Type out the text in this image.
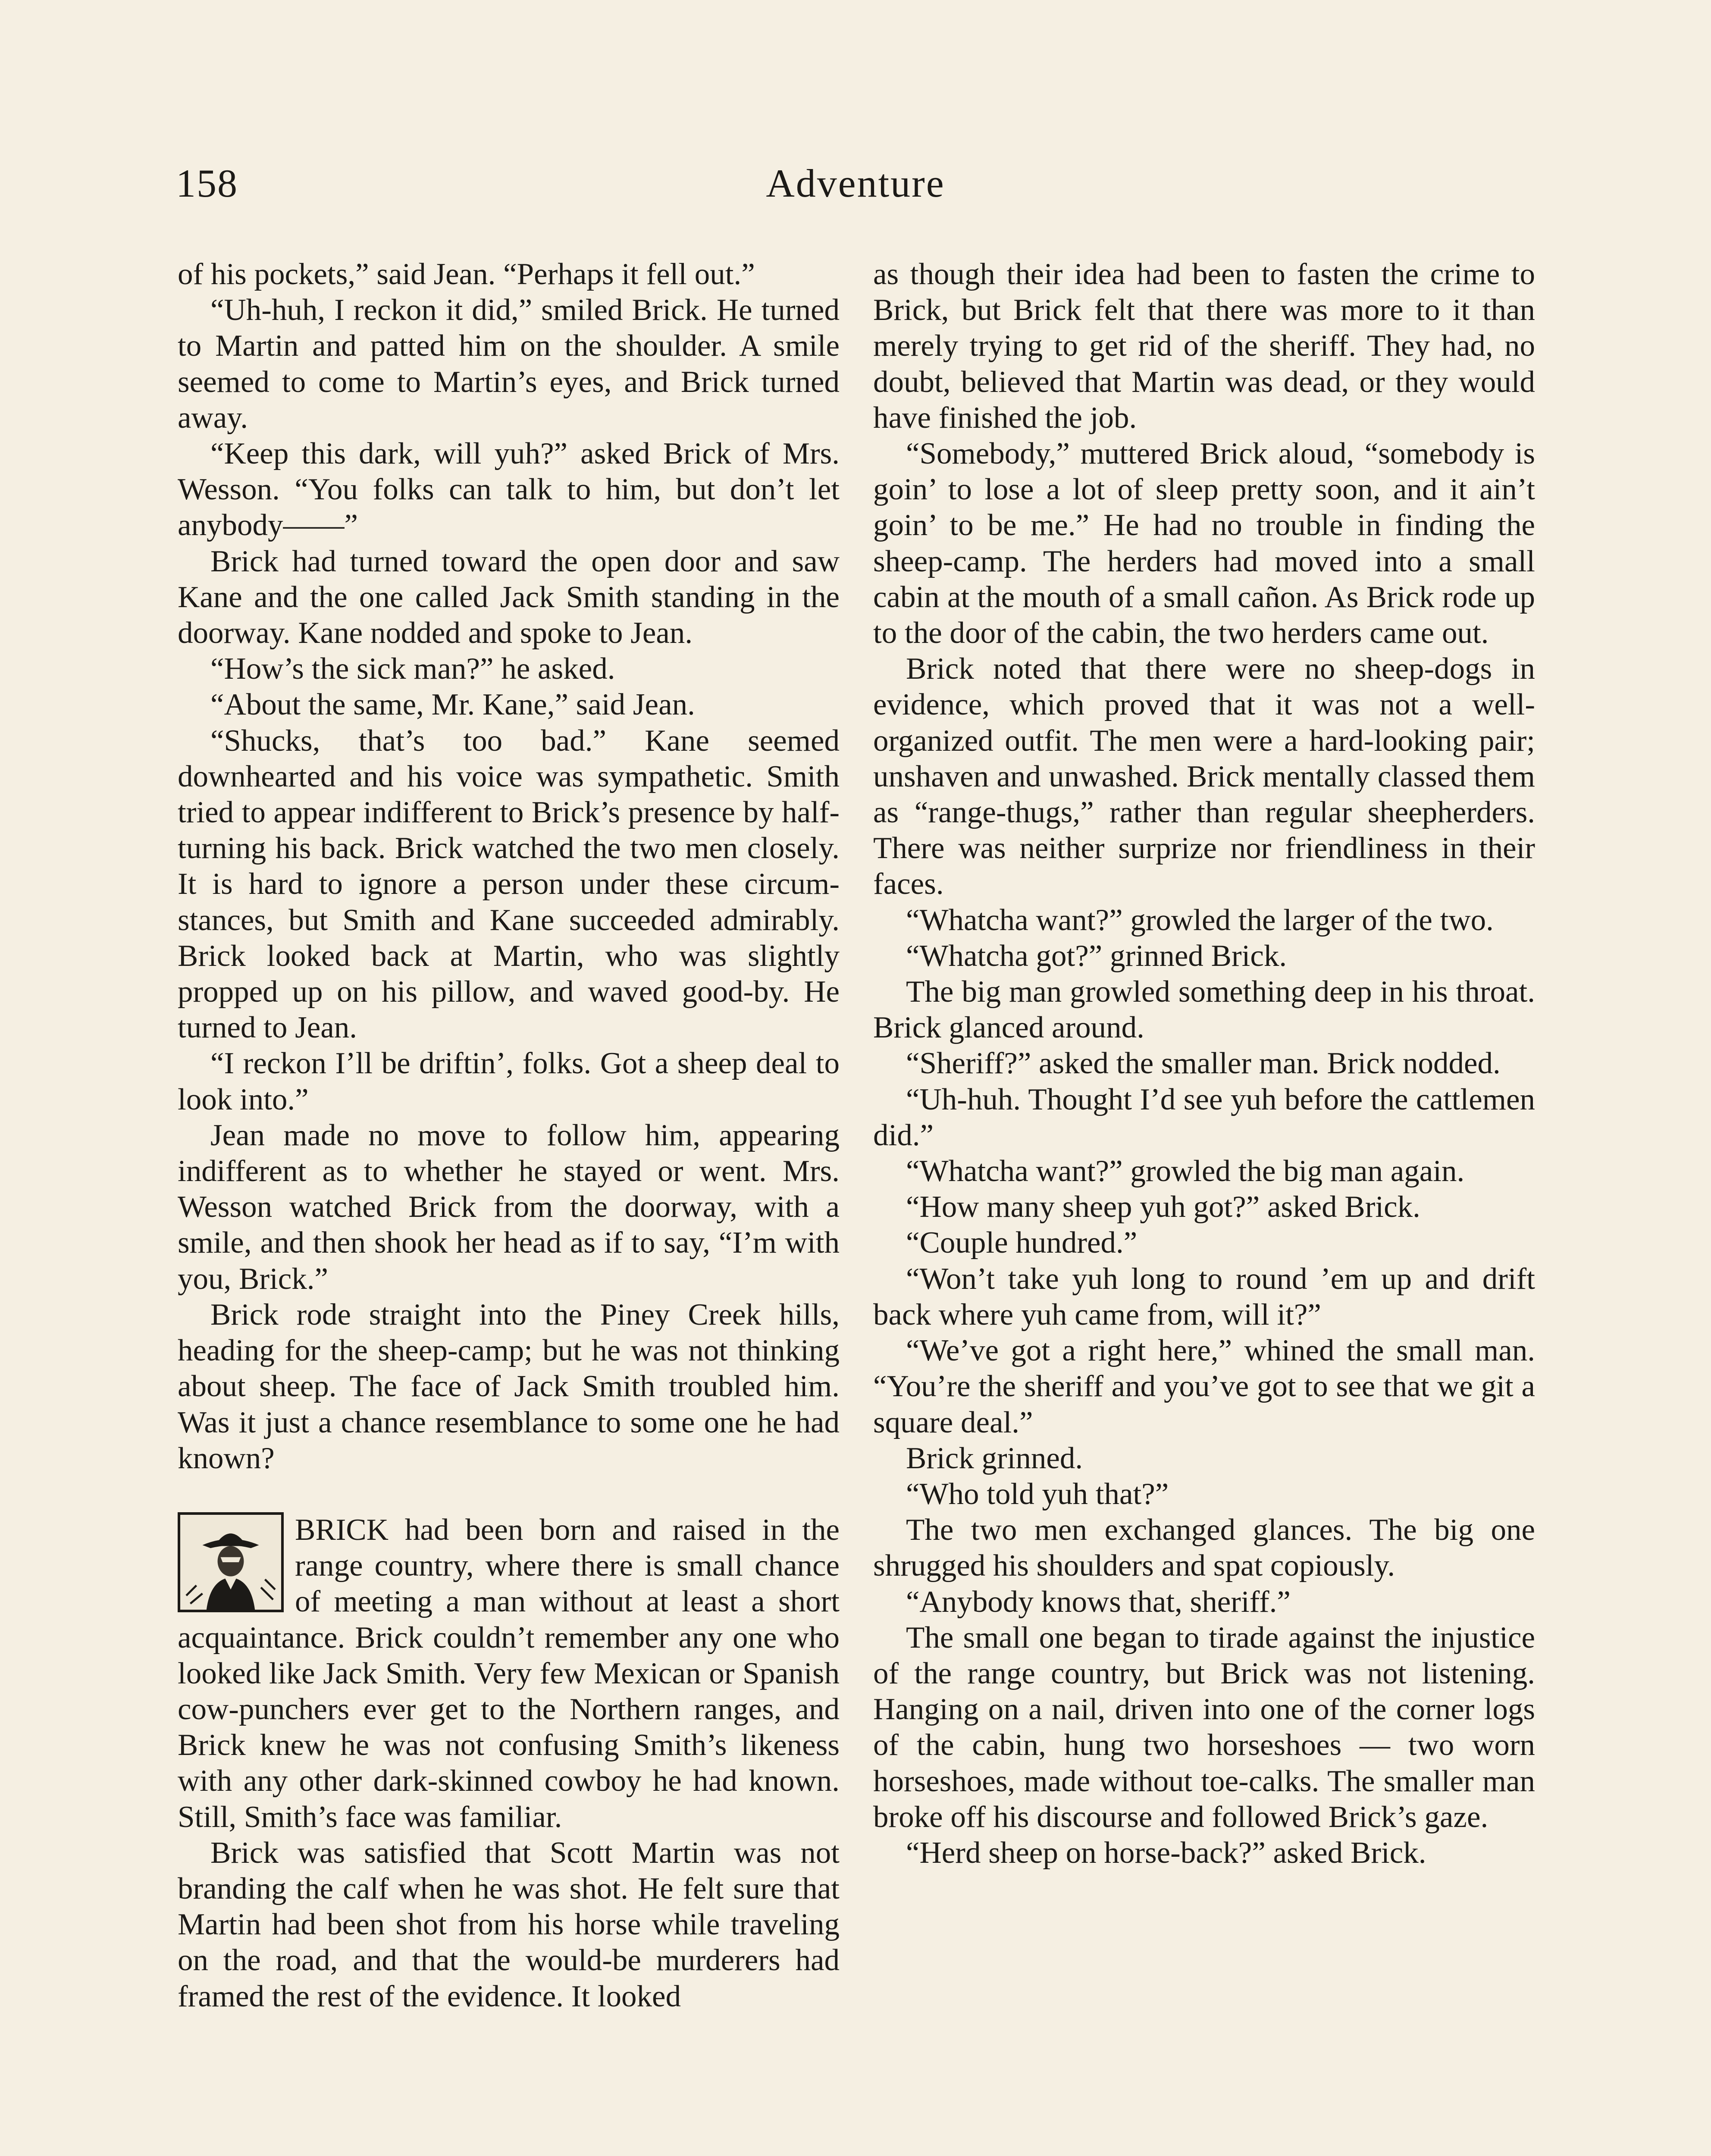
158	Adventure

of his pockets,” said Jean. “Perhaps it fell out.”

“Uh-huh, I reckon it did,” smiled Brick. He turned to Martin and patted him on the shoulder. A smile seemed to come to Martin’s eyes, and Brick turned away.

“Keep this dark, will yuh?” asked Brick of Mrs. Wesson. “You folks can talk to him, but don’t let anybody——”

Brick had turned toward the open door and saw Kane and the one called Jack Smith standing in the doorway. Kane nodded and spoke to Jean.

“How’s the sick man?” he asked.

“About the same, Mr. Kane,” said Jean.

“Shucks, that’s too bad.” Kane seemed downhearted and his voice was sympathetic. Smith tried to appear indifferent to Brick’s presence by half-turning his back. Brick watched the two men closely. It is hard to ignore a person under these circumstances, but Smith and Kane succeeded admirably. Brick looked back at Martin, who was slightly propped up on his pillow, and waved good-by. He turned to Jean.

“I reckon I’ll be driftin’, folks. Got a sheep deal to look into.”

Jean made no move to follow him, appearing indifferent as to whether he stayed or went. Mrs. Wesson watched Brick from the doorway, with a smile, and then shook her head as if to say, “I’m with you, Brick.”

Brick rode straight into the Piney Creek hills, heading for the sheep-camp; but he was not thinking about sheep. The face of Jack Smith troubled him. Was it just a chance resemblance to some one he had known?

BRICK had been born and raised in the range country, where there is small chance of meeting a man without at least a short acquaintance. Brick couldn’t remember any one who looked like Jack Smith. Very few Mexican or Spanish cow-punchers ever get to the Northern ranges, and Brick knew he was not confusing Smith’s likeness with any other dark-skinned cowboy he had known. Still, Smith’s face was familiar.

Brick was satisfied that Scott Martin was not branding the calf when he was shot. He felt sure that Martin had been shot from his horse while traveling on the road, and that the would-be murderers had framed the rest of the evidence. It looked

as though their idea had been to fasten the crime to Brick, but Brick felt that there was more to it than merely trying to get rid of the sheriff. They had, no doubt, believed that Martin was dead, or they would have finished the job.

“Somebody,” muttered Brick aloud, “somebody is goin’ to lose a lot of sleep pretty soon, and it ain’t goin’ to be me.” He had no trouble in finding the sheep-camp. The herders had moved into a small cabin at the mouth of a small cañon. As Brick rode up to the door of the cabin, the two herders came out.

Brick noted that there were no sheep-dogs in evidence, which proved that it was not a well-organized outfit. The men were a hard-looking pair; unshaven and unwashed. Brick mentally classed them as “range-thugs,” rather than regular sheepherders. There was neither surprize nor friendliness in their faces.

“Whatcha want?” growled the larger of the two.

“Whatcha got?” grinned Brick.

The big man growled something deep in his throat. Brick glanced around.

“Sheriff?” asked the smaller man. Brick nodded.

“Uh-huh. Thought I’d see yuh before the cattlemen did.”

“Whatcha want?” growled the big man again.

“How many sheep yuh got?” asked Brick.

“Couple hundred.”

“Won’t take yuh long to round ’em up and drift back where yuh came from, will it?”

“We’ve got a right here,” whined the small man. “You’re the sheriff and you’ve got to see that we git a square deal.”

Brick grinned.

“Who told yuh that?”

The two men exchanged glances. The big one shrugged his shoulders and spat copiously.

“Anybody knows that, sheriff.”

The small one began to tirade against the injustice of the range country, but Brick was not listening. Hanging on a nail, driven into one of the corner logs of the cabin, hung two horseshoes — two worn horseshoes, made without toe-calks. The smaller man broke off his discourse and followed Brick’s gaze.

“Herd sheep on horse-back?” asked Brick.
